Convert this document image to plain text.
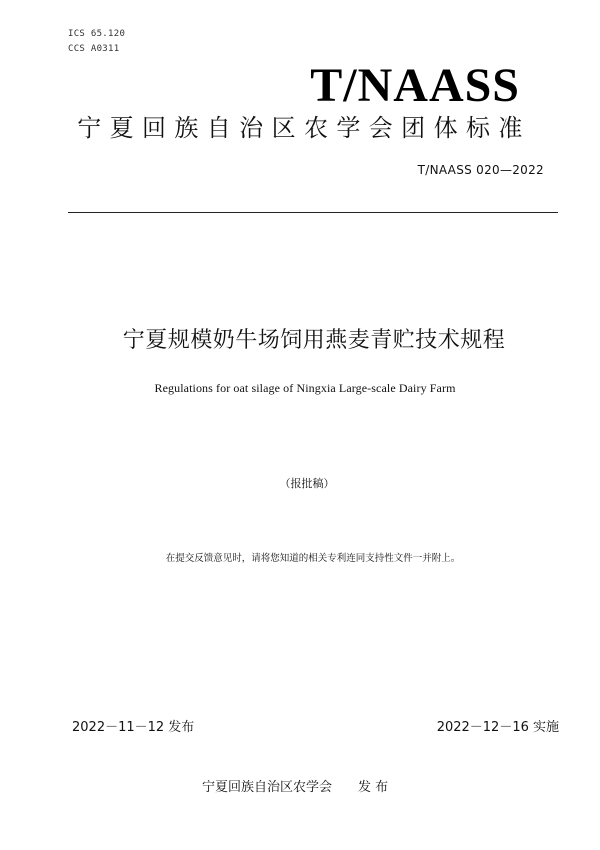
ICS 65.120
CCS A0311
T/NAASS
宁夏回族自治区农学会团体标准
T/NAASS 020—2022
宁夏规模奶牛场饲用燕麦青贮技术规程
Regulations for oat silage of Ningxia Large-scale Dairy Farm
（报批稿）
在提交反馈意见时，请将您知道的相关专利连同支持性文件一并附上。
2022－11－12 发布	2022－12－16 实施
宁夏回族自治区农学会 发 布
